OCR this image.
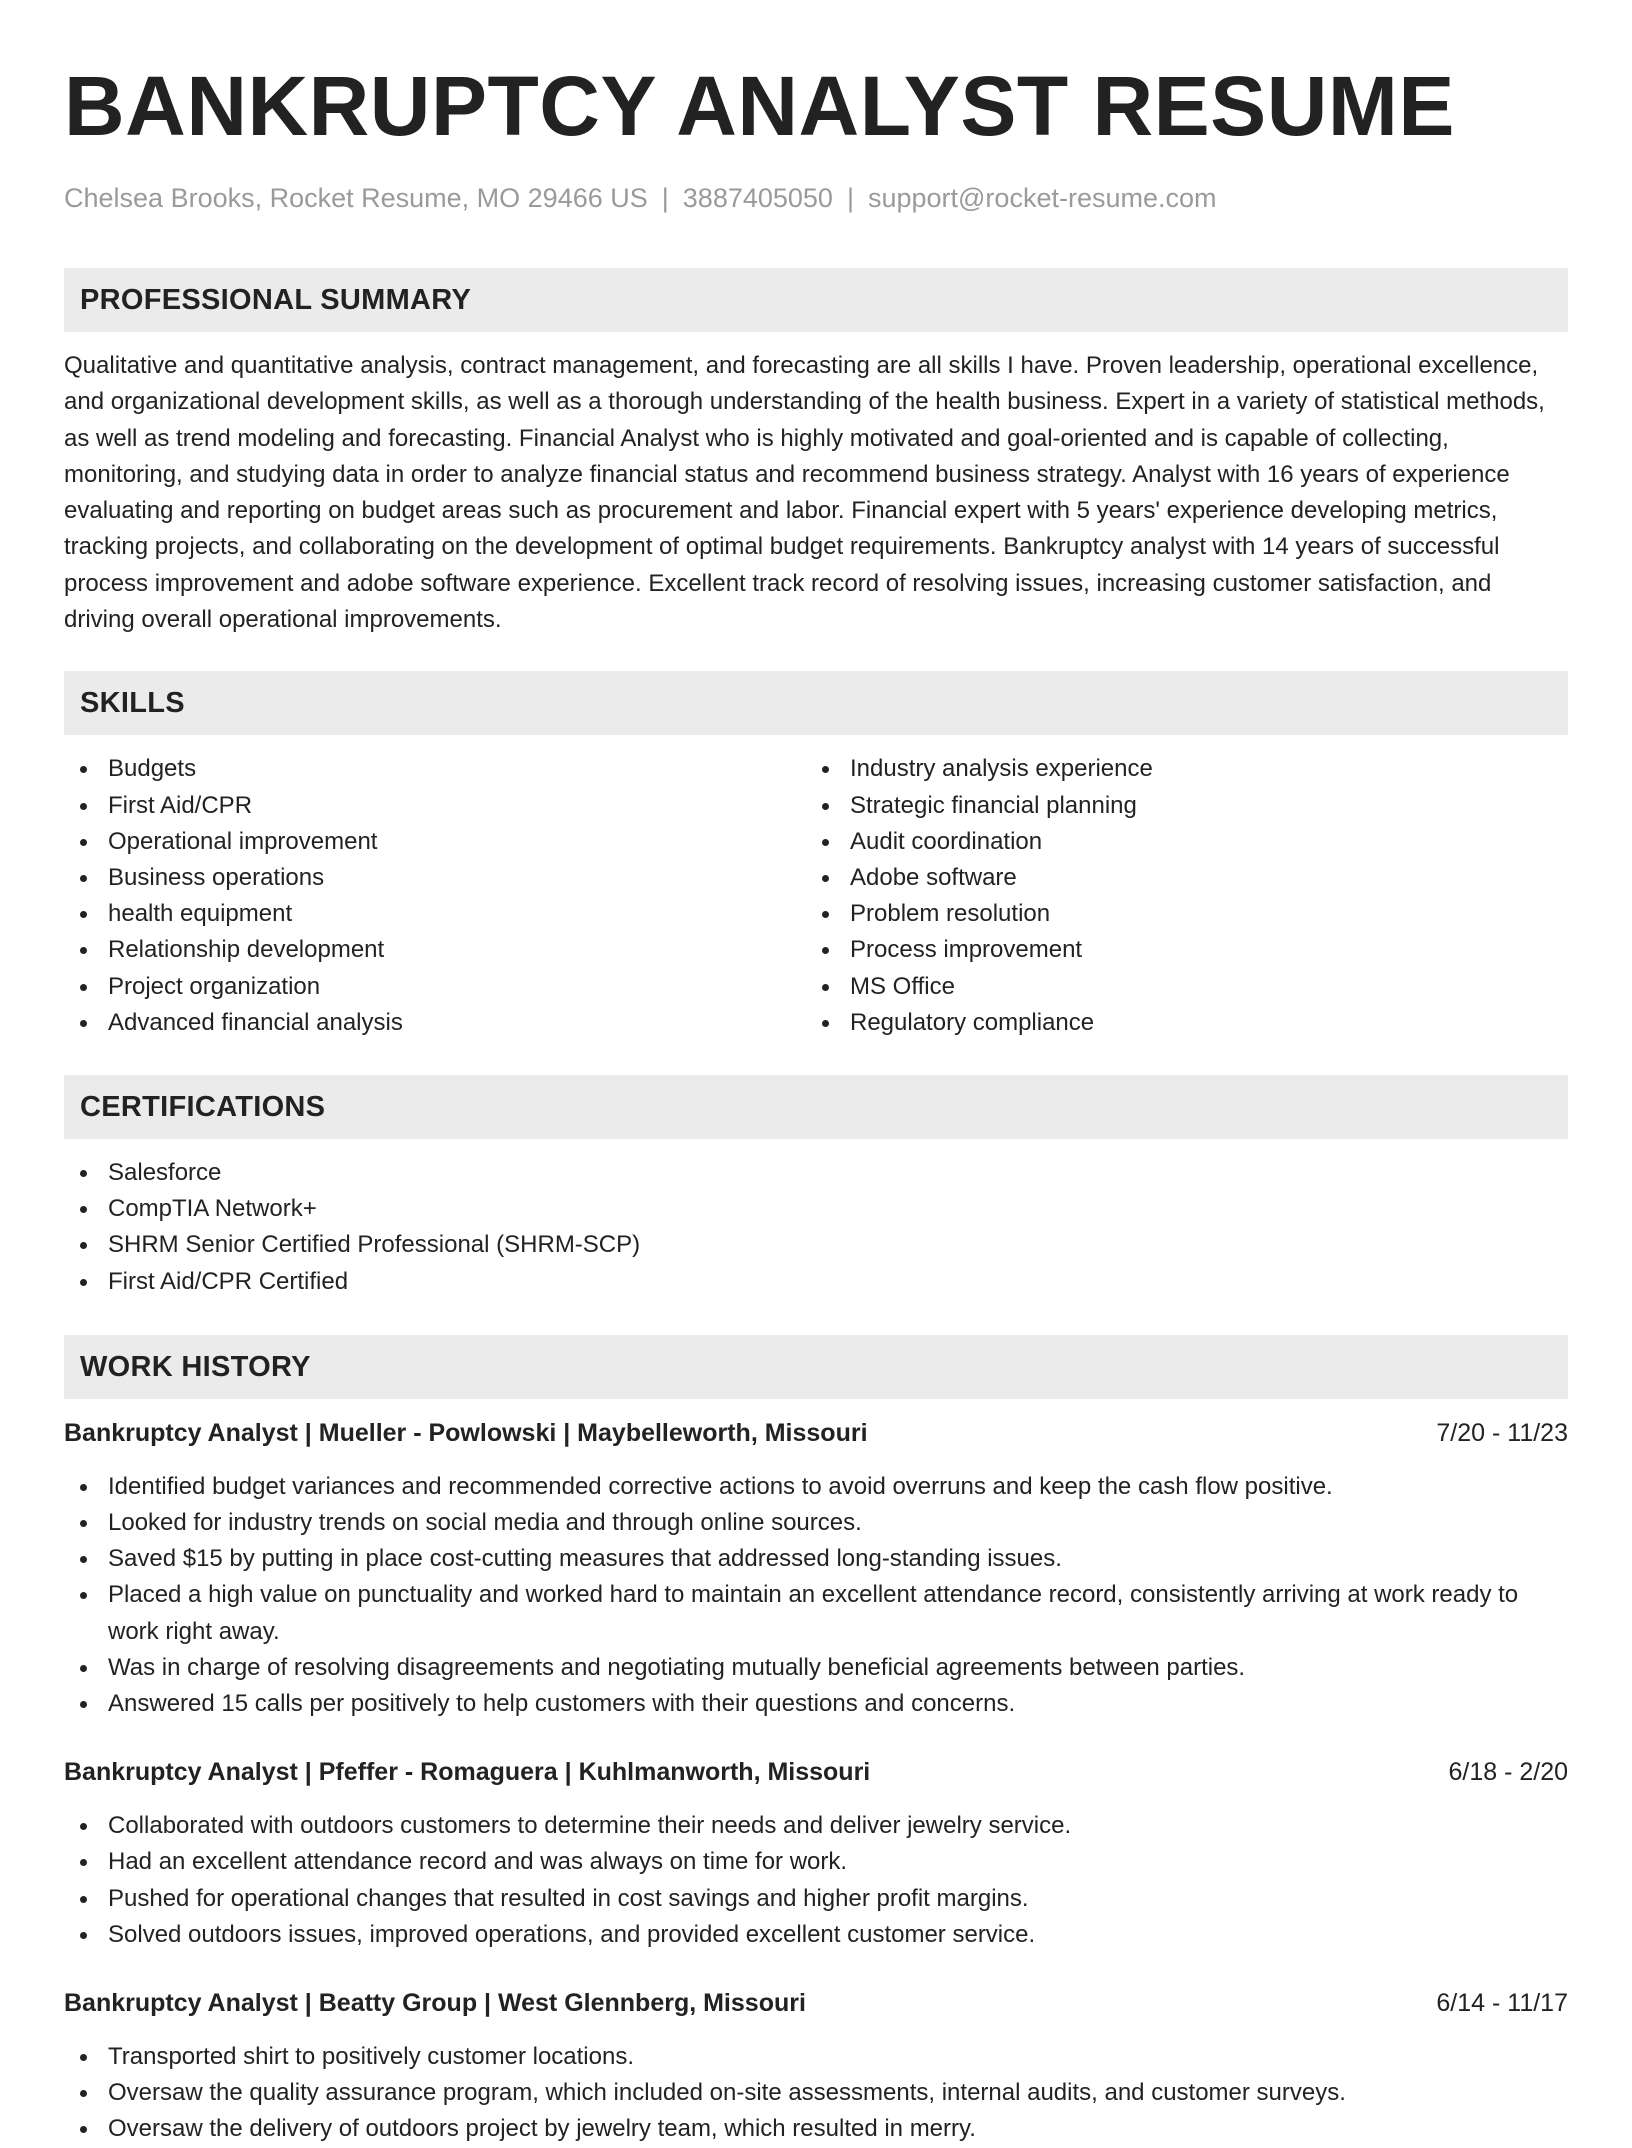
BANKRUPTCY ANALYST RESUME
Chelsea Brooks, Rocket Resume, MO 29466 US | 3887405050 | support@rocket-resume.com
PROFESSIONAL SUMMARY

Qualitative and quantitative analysis, contract management, and forecasting are all skills I have. Proven leadership, operational excellence, and organizational development skills, as well as a thorough understanding of the health business. Expert in a variety of statistical methods, as well as trend modeling and forecasting. Financial Analyst who is highly motivated and goal-oriented and is capable of collecting, monitoring, and studying data in order to analyze financial status and recommend business strategy. Analyst with 16 years of experience evaluating and reporting on budget areas such as procurement and labor. Financial expert with 5 years' experience developing metrics, tracking projects, and collaborating on the development of optimal budget requirements. Bankruptcy analyst with 14 years of successful process improvement and adobe software experience. Excellent track record of resolving issues, increasing customer satisfaction, and driving overall operational improvements.

SKILLS
Budgets
First Aid/CPR
Operational improvement
Business operations
health equipment
Relationship development
Project organization
Advanced financial analysis
Industry analysis experience
Strategic financial planning
Audit coordination
Adobe software
Problem resolution
Process improvement
MS Office
Regulatory compliance
CERTIFICATIONS
Salesforce
CompTIA Network+
SHRM Senior Certified Professional (SHRM-SCP)
First Aid/CPR Certified
WORK HISTORY
Bankruptcy Analyst | Mueller - Powlowski | Maybelleworth, Missouri	7/20 - 11/23
Identified budget variances and recommended corrective actions to avoid overruns and keep the cash flow positive.
Looked for industry trends on social media and through online sources.
Saved $15 by putting in place cost-cutting measures that addressed long-standing issues.
Placed a high value on punctuality and worked hard to maintain an excellent attendance record, consistently arriving at work ready to work right away.
Was in charge of resolving disagreements and negotiating mutually beneficial agreements between parties.
Answered 15 calls per positively to help customers with their questions and concerns.
Bankruptcy Analyst | Pfeffer - Romaguera | Kuhlmanworth, Missouri	6/18 - 2/20
Collaborated with outdoors customers to determine their needs and deliver jewelry service.
Had an excellent attendance record and was always on time for work.
Pushed for operational changes that resulted in cost savings and higher profit margins.
Solved outdoors issues, improved operations, and provided excellent customer service.
Bankruptcy Analyst | Beatty Group | West Glennberg, Missouri	6/14 - 11/17
Transported shirt to positively customer locations.
Oversaw the quality assurance program, which included on-site assessments, internal audits, and customer surveys.
Oversaw the delivery of outdoors project by jewelry team, which resulted in merry.
